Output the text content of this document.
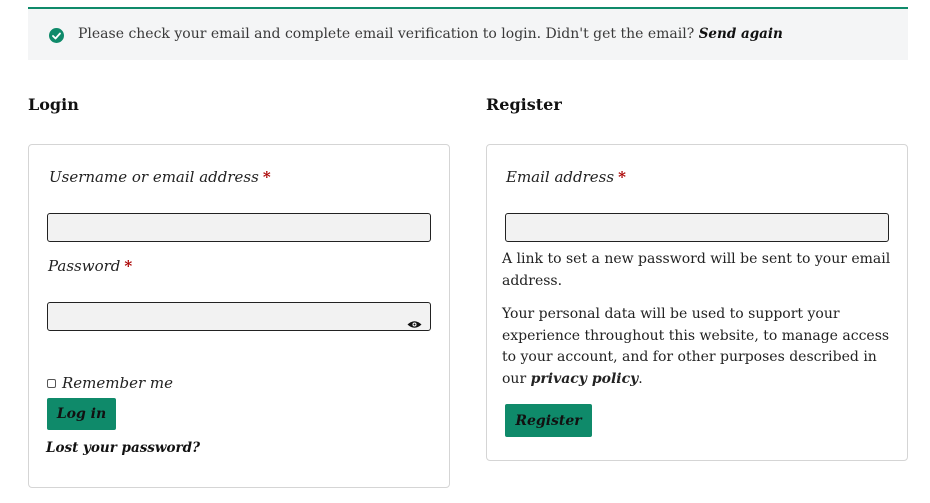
Please check your email and complete email verification to login. Didn't get the email? Send again
Login
Username or email address *
Password *
Remember me
Log in
Lost your password?
Register
Email address *
A link to set a new password will be sent to your email address.
Your personal data will be used to support your experience throughout this website, to manage access to your account, and for other purposes described in our privacy policy.
Register
